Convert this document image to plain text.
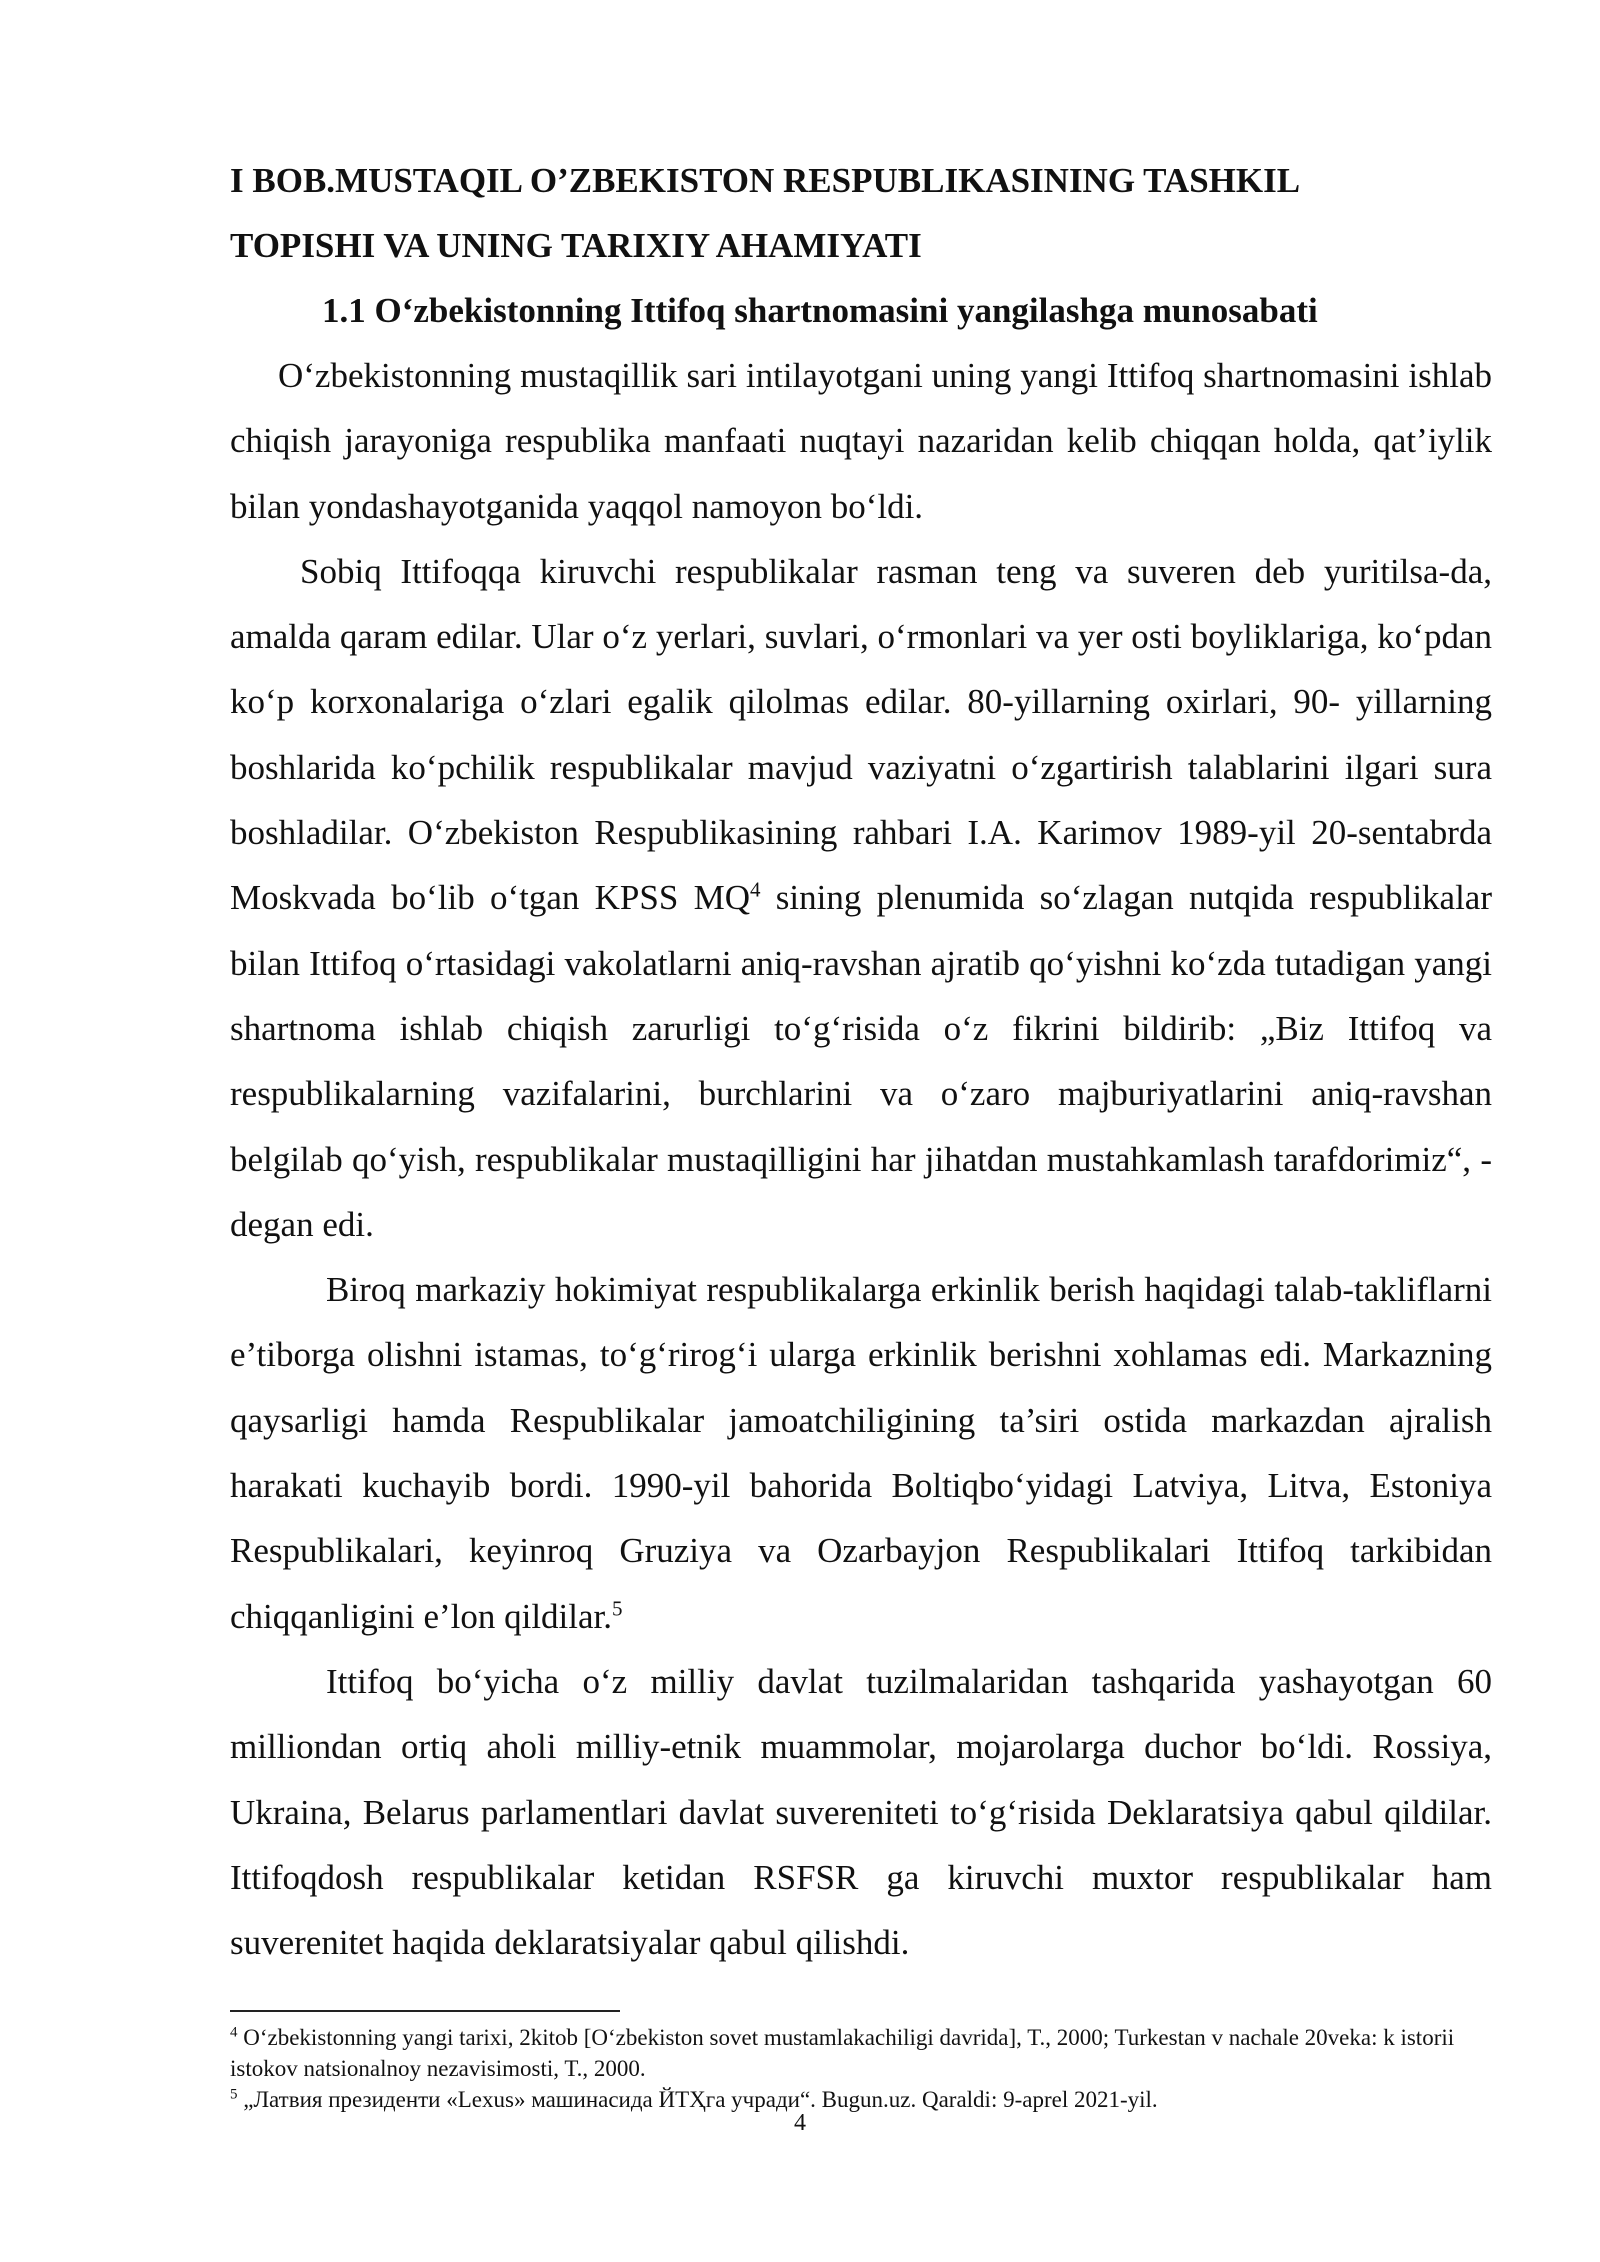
I BOB.MUSTAQIL O’ZBEKISTON RESPUBLIKASINING TASHKIL
TOPISHI VA UNING TARIXIY AHAMIYATI
1.1 O‘zbekistonning Ittifoq shartnomasini yangilashga munosabati

O‘zbekistonning mustaqillik sari intilayotgani uning yangi Ittifoq shartnomasini ishlab chiqish jarayoniga respublika manfaati nuqtayi nazaridan kelib chiqqan holda, qat’iylik bilan yondashayotganida yaqqol namoyon bo‘ldi.

Sobiq Ittifoqqa kiruvchi respublikalar rasman teng va suveren deb yuritilsa-da, amalda qaram edilar. Ular o‘z yerlari, suvlari, o‘rmonlari va yer osti boyliklariga, ko‘pdan ko‘p korxonalariga o‘zlari egalik qilolmas edilar. 80-yillarning oxirlari, 90- yillarning boshlarida ko‘pchilik respublikalar mavjud vaziyatni o‘zgartirish talablarini ilgari sura boshladilar. O‘zbekiston Respublikasining rahbari I.A. Karimov 1989-yil 20-sentabrda Moskvada bo‘lib o‘tgan KPSS $MQ^4$ sining plenumida so‘zlagan nutqida respublikalar bilan Ittifoq o‘rtasidagi vakolatlarni aniq-ravshan ajratib qo‘yishni ko‘zda tutadigan yangi shartnoma ishlab chiqish zarurligi to‘g‘risida o‘z fikrini bildirib: „Biz Ittifoq va respublikalarning vazifalarini, burchlarini va o‘zaro majburiyatlarini aniq-ravshan belgilab qo‘yish, respublikalar mustaqilligini har jihatdan mustahkamlash tarafdorimiz“, - degan edi.

Biroq markaziy hokimiyat respublikalarga erkinlik berish haqidagi talab-takliflarni e’tiborga olishni istamas, to‘g‘rirog‘i ularga erkinlik berishni xohlamas edi. Markazning qaysarligi hamda Respublikalar jamoatchiligining ta’siri ostida markazdan ajralish harakati kuchayib bordi. 1990-yil bahorida Boltiqbo‘yidagi Latviya, Litva, Estoniya Respublikalari, keyinroq Gruziya va Ozarbayjon Respublikalari Ittifoq tarkibidan chiqqanligini e’lon qildilar.$^5$

Ittifoq bo‘yicha o‘z milliy davlat tuzilmalaridan tashqarida yashayotgan 60 milliondan ortiq aholi milliy-etnik muammolar, mojarolarga duchor bo‘ldi. Rossiya, Ukraina, Belarus parlamentlari davlat suvereniteti to‘g‘risida Deklaratsiya qabul qildilar. Ittifoqdosh respublikalar ketidan RSFSR ga kiruvchi muxtor respublikalar ham suverenitet haqida deklaratsiyalar qabul qilishdi.

$^4$ O‘zbekistonning yangi tarixi, 2kitob [O‘zbekiston sovet mustamlakachiligi davrida], T., 2000; Turkestan v nachale 20veka: k istorii istokov natsionalnoy nezavisimosti, T., 2000.

$^5$ „Латвия президенти «Lexus» машинасида ЙТҲга учради“. Bugun.uz. Qaraldi: 9-aprel 2021-yil.

4
